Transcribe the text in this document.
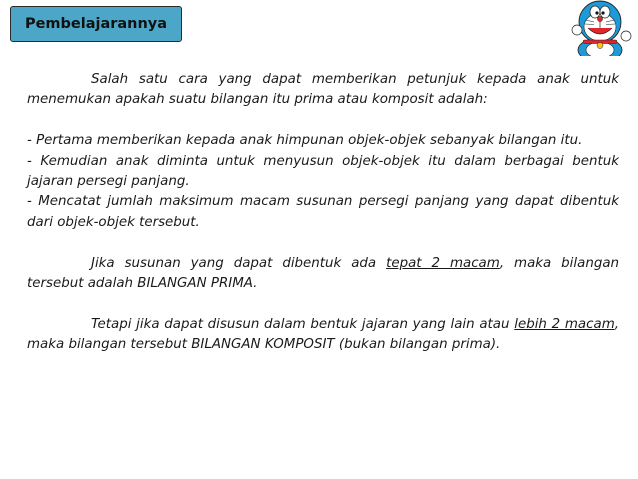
Pembelajarannya

Salah satu cara yang dapat memberikan petunjuk kepada anak untuk menemukan apakah suatu bilangan itu prima atau komposit adalah:

- Pertama memberikan kepada anak himpunan objek-objek sebanyak bilangan itu.

- Kemudian anak diminta untuk menyusun objek-objek itu dalam berbagai bentuk jajaran persegi panjang.

- Mencatat jumlah maksimum macam susunan persegi panjang yang dapat dibentuk dari objek-objek tersebut.

Jika susunan yang dapat dibentuk ada tepat 2 macam, maka bilangan tersebut adalah BILANGAN PRIMA.

Tetapi jika dapat disusun dalam bentuk jajaran yang lain atau lebih 2 macam, maka bilangan tersebut BILANGAN KOMPOSIT (bukan bilangan prima).
